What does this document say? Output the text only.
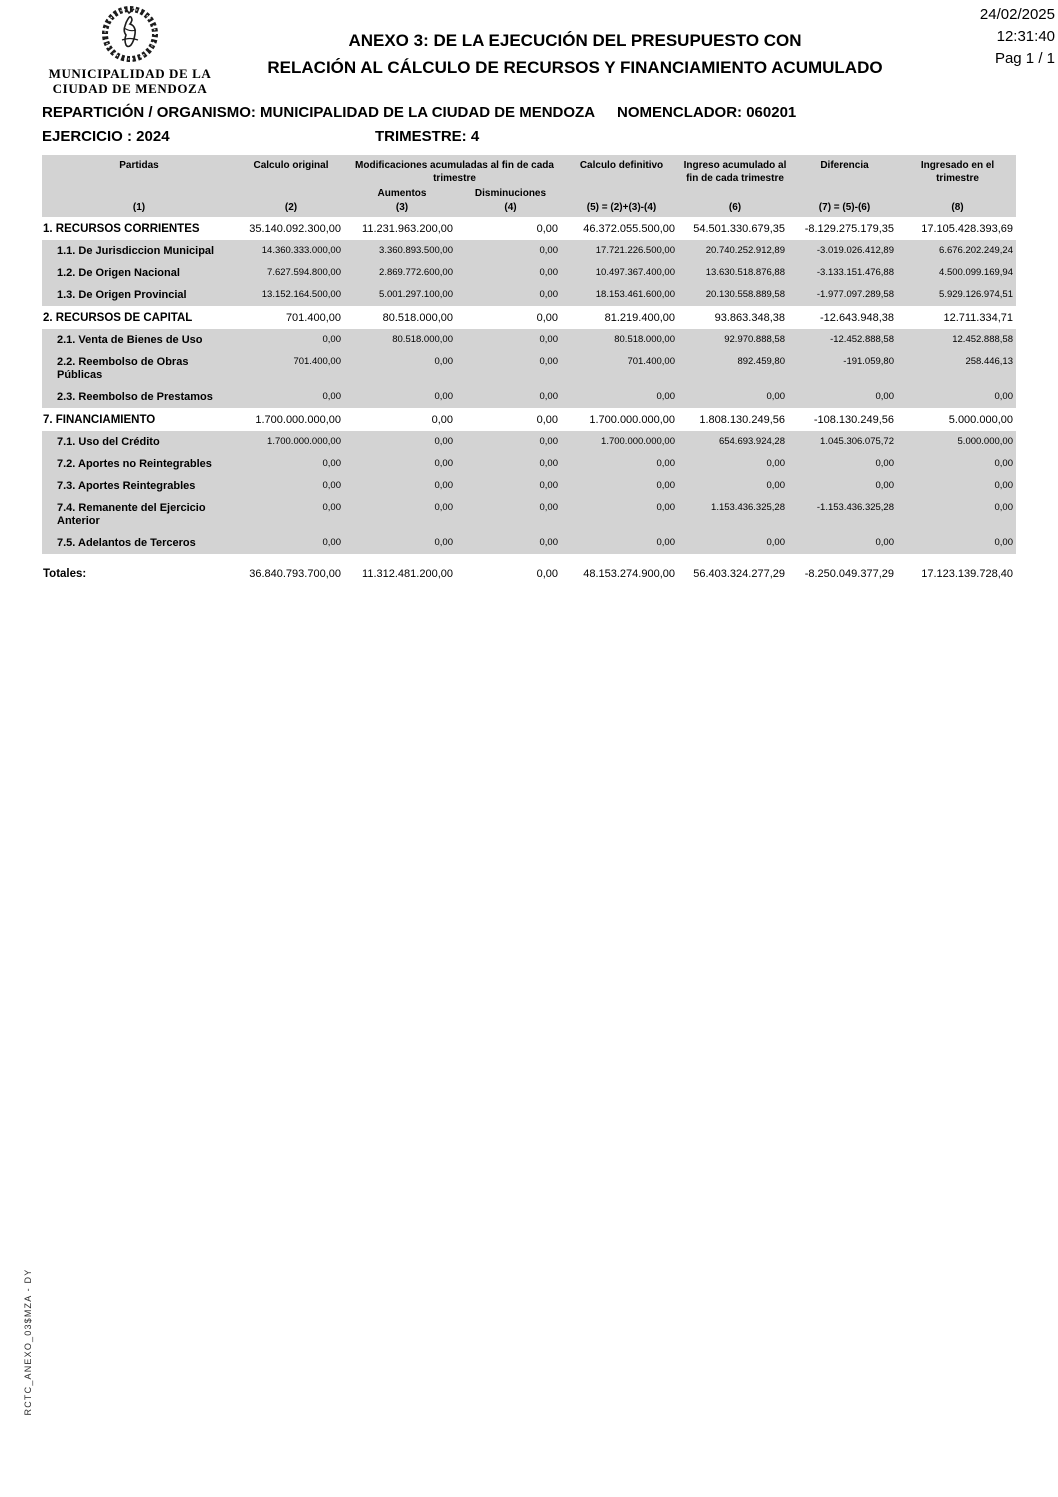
MUNICIPALIDAD DE LA
CIUDAD DE MENDOZA
ANEXO 3: DE LA EJECUCIÓN DEL PRESUPUESTO CON
RELACIÓN AL CÁLCULO DE RECURSOS Y FINANCIAMIENTO ACUMULADO
24/02/2025
12:31:40
Pag 1 / 1
REPARTICIÓN / ORGANISMO: MUNICIPALIDAD DE LA CIUDAD DE MENDOZA NOMENCLADOR: 060201
EJERCICIO : 2024	TRIMESTRE: 4
Partidas	Calculo original	Modificaciones acumuladas al fin de cada trimestre		Calculo definitivo	Ingreso acumulado al fin de cada trimestre	Diferencia	Ingresado en el trimestre
		Aumentos	Disminuciones				
(1)	(2)	(3)	(4)	(5) = (2)+(3)-(4)	(6)	(7) = (5)-(6)	(8)
1. RECURSOS CORRIENTES	35.140.092.300,00	11.231.963.200,00	0,00	46.372.055.500,00	54.501.330.679,35	-8.129.275.179,35	17.105.428.393,69
1.1. De Jurisdiccion Municipal	14.360.333.000,00	3.360.893.500,00	0,00	17.721.226.500,00	20.740.252.912,89	-3.019.026.412,89	6.676.202.249,24
1.2. De Origen Nacional	7.627.594.800,00	2.869.772.600,00	0,00	10.497.367.400,00	13.630.518.876,88	-3.133.151.476,88	4.500.099.169,94
1.3. De Origen Provincial	13.152.164.500,00	5.001.297.100,00	0,00	18.153.461.600,00	20.130.558.889,58	-1.977.097.289,58	5.929.126.974,51
2. RECURSOS DE CAPITAL	701.400,00	80.518.000,00	0,00	81.219.400,00	93.863.348,38	-12.643.948,38	12.711.334,71
2.1. Venta de Bienes de Uso	0,00	80.518.000,00	0,00	80.518.000,00	92.970.888,58	-12.452.888,58	12.452.888,58
2.2. Reembolso de Obras Públicas	701.400,00	0,00	0,00	701.400,00	892.459,80	-191.059,80	258.446,13
2.3. Reembolso de Prestamos	0,00	0,00	0,00	0,00	0,00	0,00	0,00
7. FINANCIAMIENTO	1.700.000.000,00	0,00	0,00	1.700.000.000,00	1.808.130.249,56	-108.130.249,56	5.000.000,00
7.1. Uso del Crédito	1.700.000.000,00	0,00	0,00	1.700.000.000,00	654.693.924,28	1.045.306.075,72	5.000.000,00
7.2. Aportes no Reintegrables	0,00	0,00	0,00	0,00	0,00	0,00	0,00
7.3. Aportes Reintegrables	0,00	0,00	0,00	0,00	0,00	0,00	0,00
7.4. Remanente del Ejercicio Anterior	0,00	0,00	0,00	0,00	1.153.436.325,28	-1.153.436.325,28	0,00
7.5. Adelantos de Terceros	0,00	0,00	0,00	0,00	0,00	0,00	0,00

Totales:	36.840.793.700,00	11.312.481.200,00	0,00	48.153.274.900,00	56.403.324.277,29	-8.250.049.377,29	17.123.139.728,40
RCTC_ANEXO_03$MZA - DY
